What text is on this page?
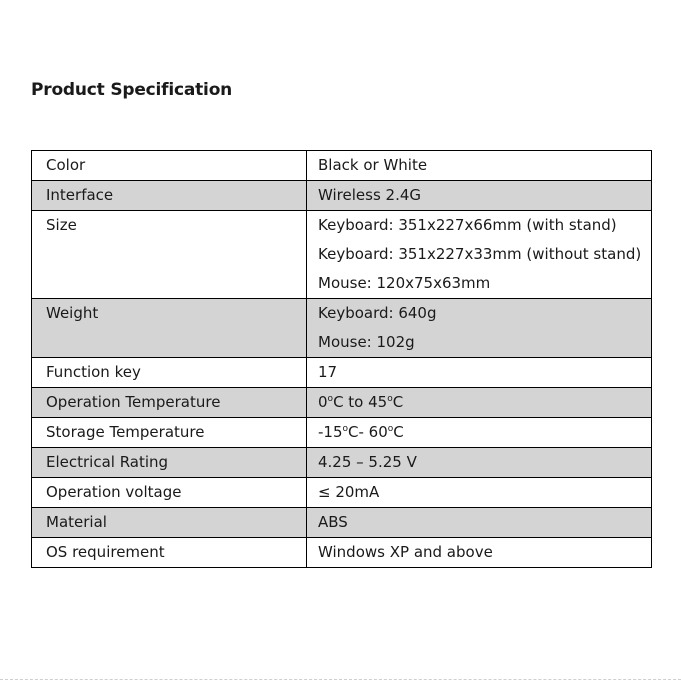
Product Specification
Color	Black or White

Interface	Wireless 2.4G

Size	Keyboard: 351x227x66mm (with stand)
Keyboard: 351x227x33mm (without stand)
Mouse: 120x75x63mm

Weight	Keyboard: 640g
Mouse: 102g

Function key	17

Operation Temperature	0$^o$C to 45$^o$C

Storage Temperature	-15$^o$C- 60$^o$C

Electrical Rating	4.25 – 5.25 V

Operation voltage	≤ 20mA

Material	ABS

OS requirement	Windows XP and above
